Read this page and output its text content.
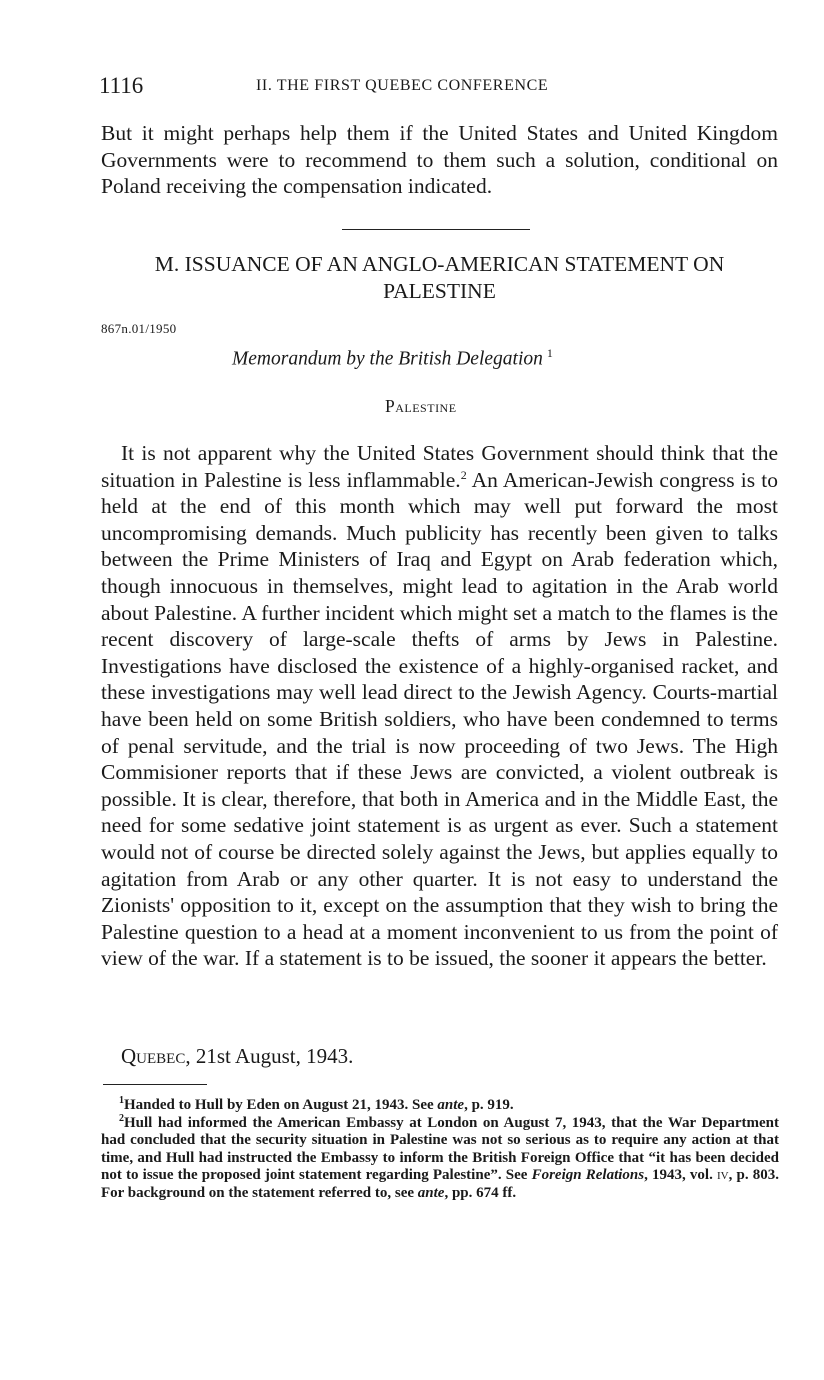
1116	II. THE FIRST QUEBEC CONFERENCE

But it might perhaps help them if the United States and United Kingdom Governments were to recommend to them such a solution, conditional on Poland receiving the compensation indicated.

M. ISSUANCE OF AN ANGLO-AMERICAN STATEMENT ON PALESTINE
867n.01/1950
Memorandum by the British Delegation $^1$
Palestine

It is not apparent why the United States Government should think that the situation in Palestine is less inflammable.$^2$ An American-Jewish congress is to held at the end of this month which may well put forward the most uncompromising demands. Much publicity has recently been given to talks between the Prime Ministers of Iraq and Egypt on Arab federation which, though innocuous in themselves, might lead to agitation in the Arab world about Palestine. A further incident which might set a match to the flames is the recent discovery of large-scale thefts of arms by Jews in Palestine. Investigations have disclosed the existence of a highly-organised racket, and these investigations may well lead direct to the Jewish Agency. Courts-martial have been held on some British soldiers, who have been condemned to terms of penal servitude, and the trial is now proceeding of two Jews. The High Commisioner reports that if these Jews are convicted, a violent outbreak is possible. It is clear, therefore, that both in America and in the Middle East, the need for some sedative joint statement is as urgent as ever. Such a statement would not of course be directed solely against the Jews, but applies equally to agitation from Arab or any other quarter. It is not easy to understand the Zionists' opposition to it, except on the assumption that they wish to bring the Palestine question to a head at a moment inconvenient to us from the point of view of the war. If a statement is to be issued, the sooner it appears the better.

Quebec, 21st August, 1943.

$^1$Handed to Hull by Eden on August 21, 1943. See ante, p. 919.

$^2$Hull had informed the American Embassy at London on August 7, 1943, that the War Department had concluded that the security situation in Palestine was not so serious as to require any action at that time, and Hull had instructed the Embassy to inform the British Foreign Office that “it has been decided not to issue the proposed joint statement regarding Palestine”. See Foreign Relations, 1943, vol. iv, p. 803. For background on the statement referred to, see ante, pp. 674 ff.
